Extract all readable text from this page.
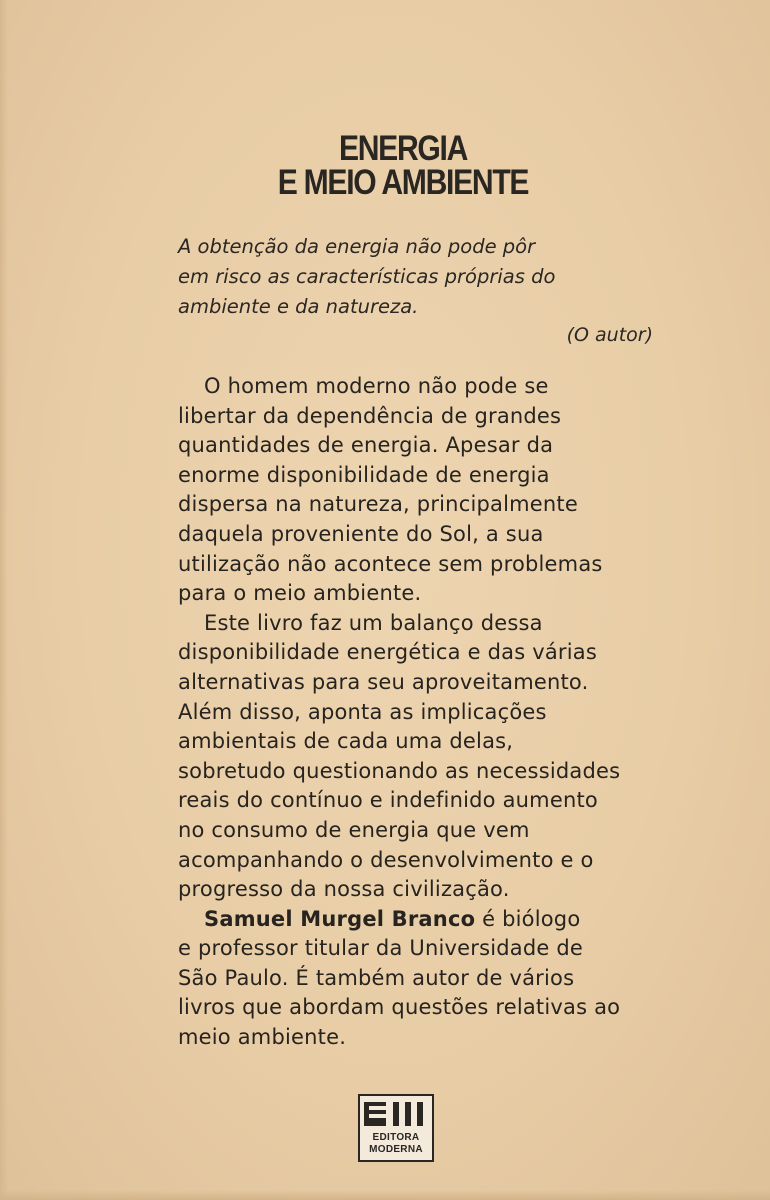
ENERGIA
E MEIO AMBIENTE
A obtenção da energia não pode pôr
em risco as características próprias do
ambiente e da natureza.
(O autor)
O homem moderno não pode se
libertar da dependência de grandes
quantidades de energia. Apesar da
enorme disponibilidade de energia
dispersa na natureza, principalmente
daquela proveniente do Sol, a sua
utilização não acontece sem problemas
para o meio ambiente.
Este livro faz um balanço dessa
disponibilidade energética e das várias
alternativas para seu aproveitamento.
Além disso, aponta as implicações
ambientais de cada uma delas,
sobretudo questionando as necessidades
reais do contínuo e indefinido aumento
no consumo de energia que vem
acompanhando o desenvolvimento e o
progresso da nossa civilização.
Samuel Murgel Branco é biólogo
e professor titular da Universidade de
São Paulo. É também autor de vários
livros que abordam questões relativas ao
meio ambiente.
EDITORA
MODERNA
